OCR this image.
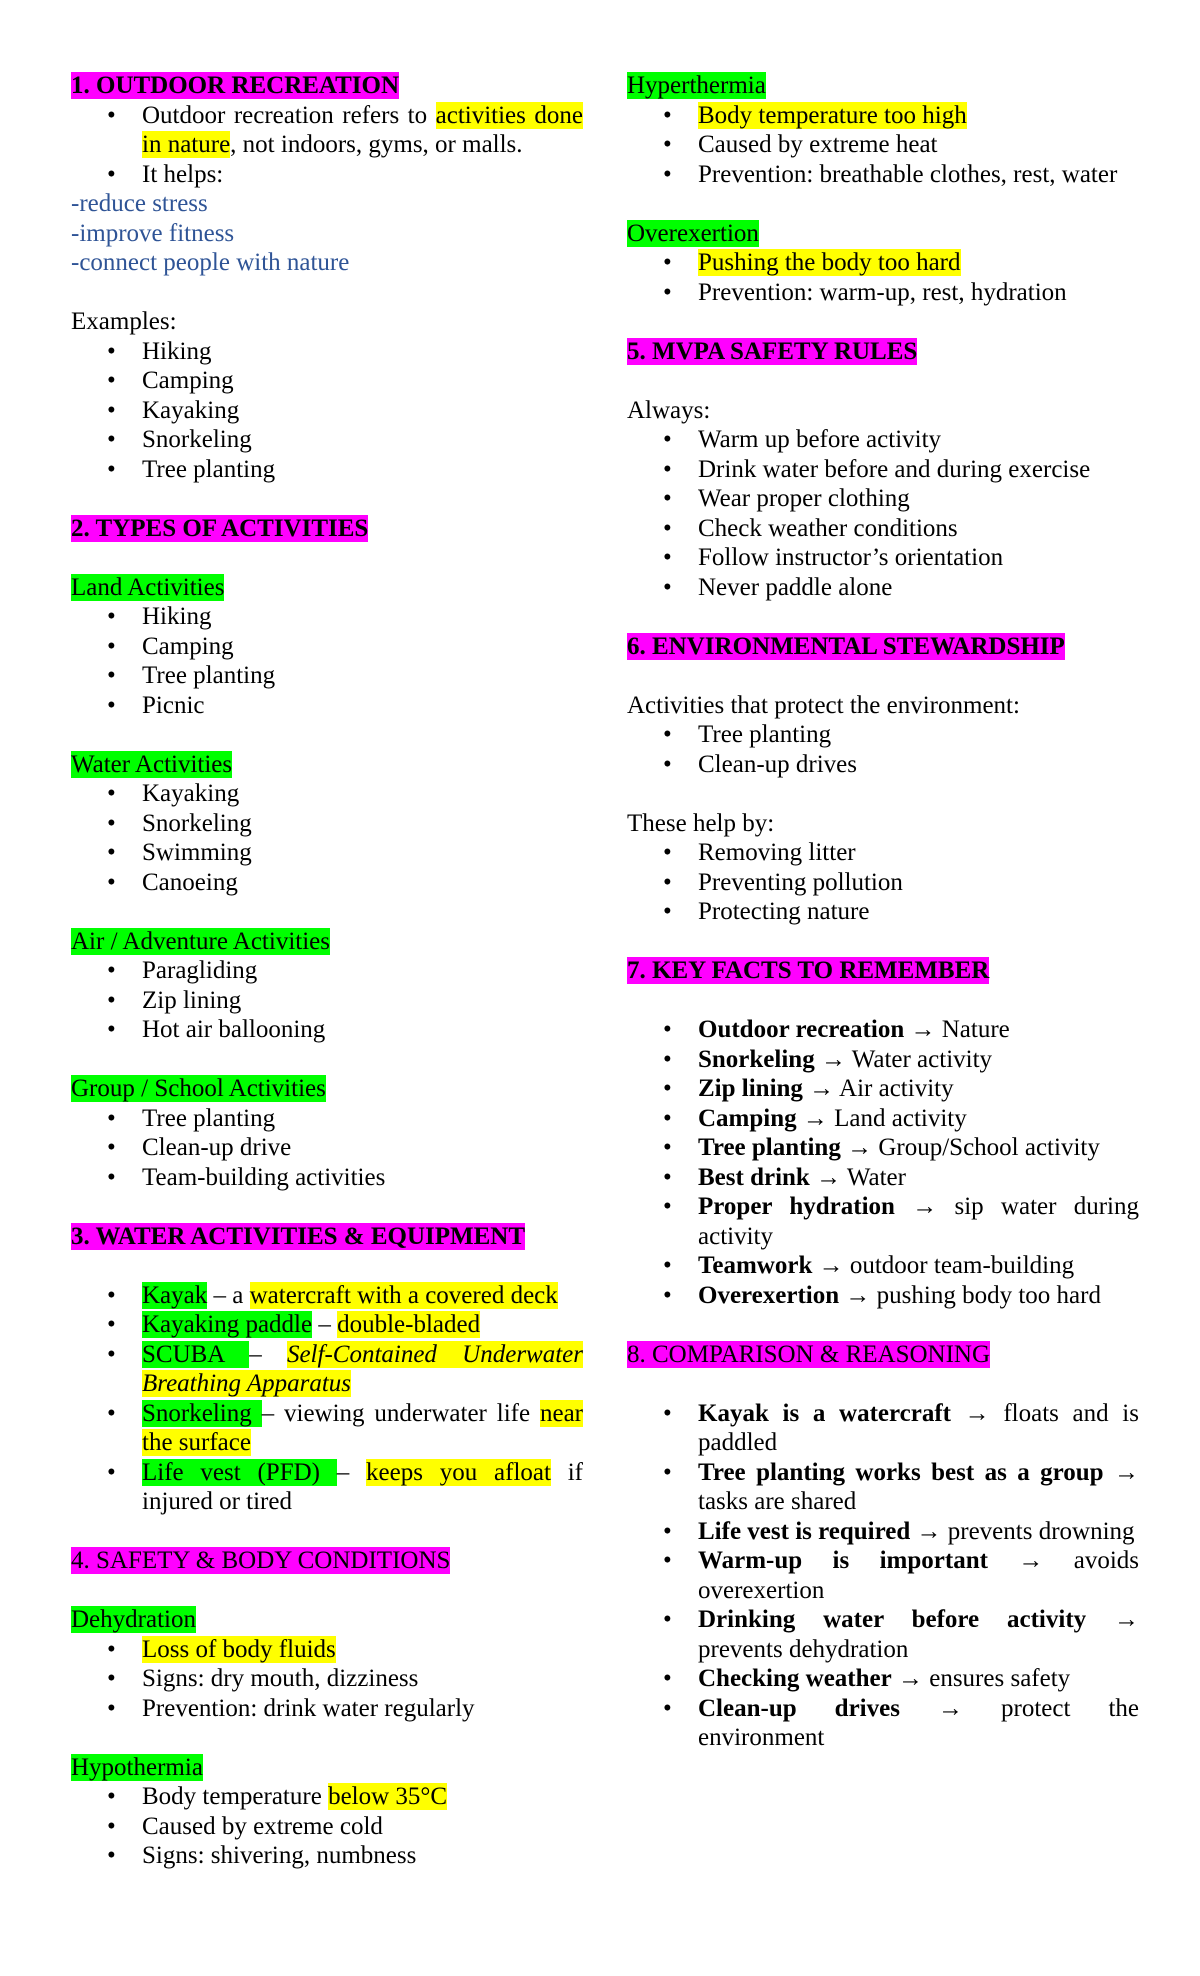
1. OUTDOOR RECREATION

• Outdoor recreation refers to activities done in nature, not indoors, gyms, or malls.
• It helps:

-reduce stress

-improve fitness

-connect people with nature

Examples:

• Hiking
• Camping
• Kayaking
• Snorkeling
• Tree planting

2. TYPES OF ACTIVITIES

Land Activities

• Hiking
• Camping
• Tree planting
• Picnic

Water Activities

• Kayaking
• Snorkeling
• Swimming
• Canoeing

Air / Adventure Activities

• Paragliding
• Zip lining
• Hot air ballooning

Group / School Activities

• Tree planting
• Clean-up drive
• Team-building activities

3. WATER ACTIVITIES & EQUIPMENT

• Kayak – a watercraft with a covered deck
• Kayaking paddle – double-bladed
• SCUBA – Self-Contained Underwater Breathing Apparatus
• Snorkeling – viewing underwater life near the surface
• Life vest (PFD) – keeps you afloat if injured or tired

4. SAFETY & BODY CONDITIONS

Dehydration

• Loss of body fluids
• Signs: dry mouth, dizziness
• Prevention: drink water regularly

Hypothermia

• Body temperature below 35°C
• Caused by extreme cold
• Signs: shivering, numbness

Hyperthermia

• Body temperature too high
• Caused by extreme heat
• Prevention: breathable clothes, rest, water

Overexertion

• Pushing the body too hard
• Prevention: warm-up, rest, hydration

5. MVPA SAFETY RULES

Always:

• Warm up before activity
• Drink water before and during exercise
• Wear proper clothing
• Check weather conditions
• Follow instructor’s orientation
• Never paddle alone

6. ENVIRONMENTAL STEWARDSHIP

Activities that protect the environment:

• Tree planting
• Clean-up drives

These help by:

• Removing litter
• Preventing pollution
• Protecting nature

7. KEY FACTS TO REMEMBER

• Outdoor recreation → Nature
• Snorkeling → Water activity
• Zip lining → Air activity
• Camping → Land activity
• Tree planting → Group/School activity
• Best drink → Water
• Proper hydration → sip water during activity
• Teamwork → outdoor team-building
• Overexertion → pushing body too hard

8. COMPARISON & REASONING

• Kayak is a watercraft → floats and is paddled
• Tree planting works best as a group → tasks are shared
• Life vest is required → prevents drowning
• Warm-up is important → avoids overexertion
• Drinking water before activity → prevents dehydration
• Checking weather → ensures safety
• Clean-up drives → protect the environment
